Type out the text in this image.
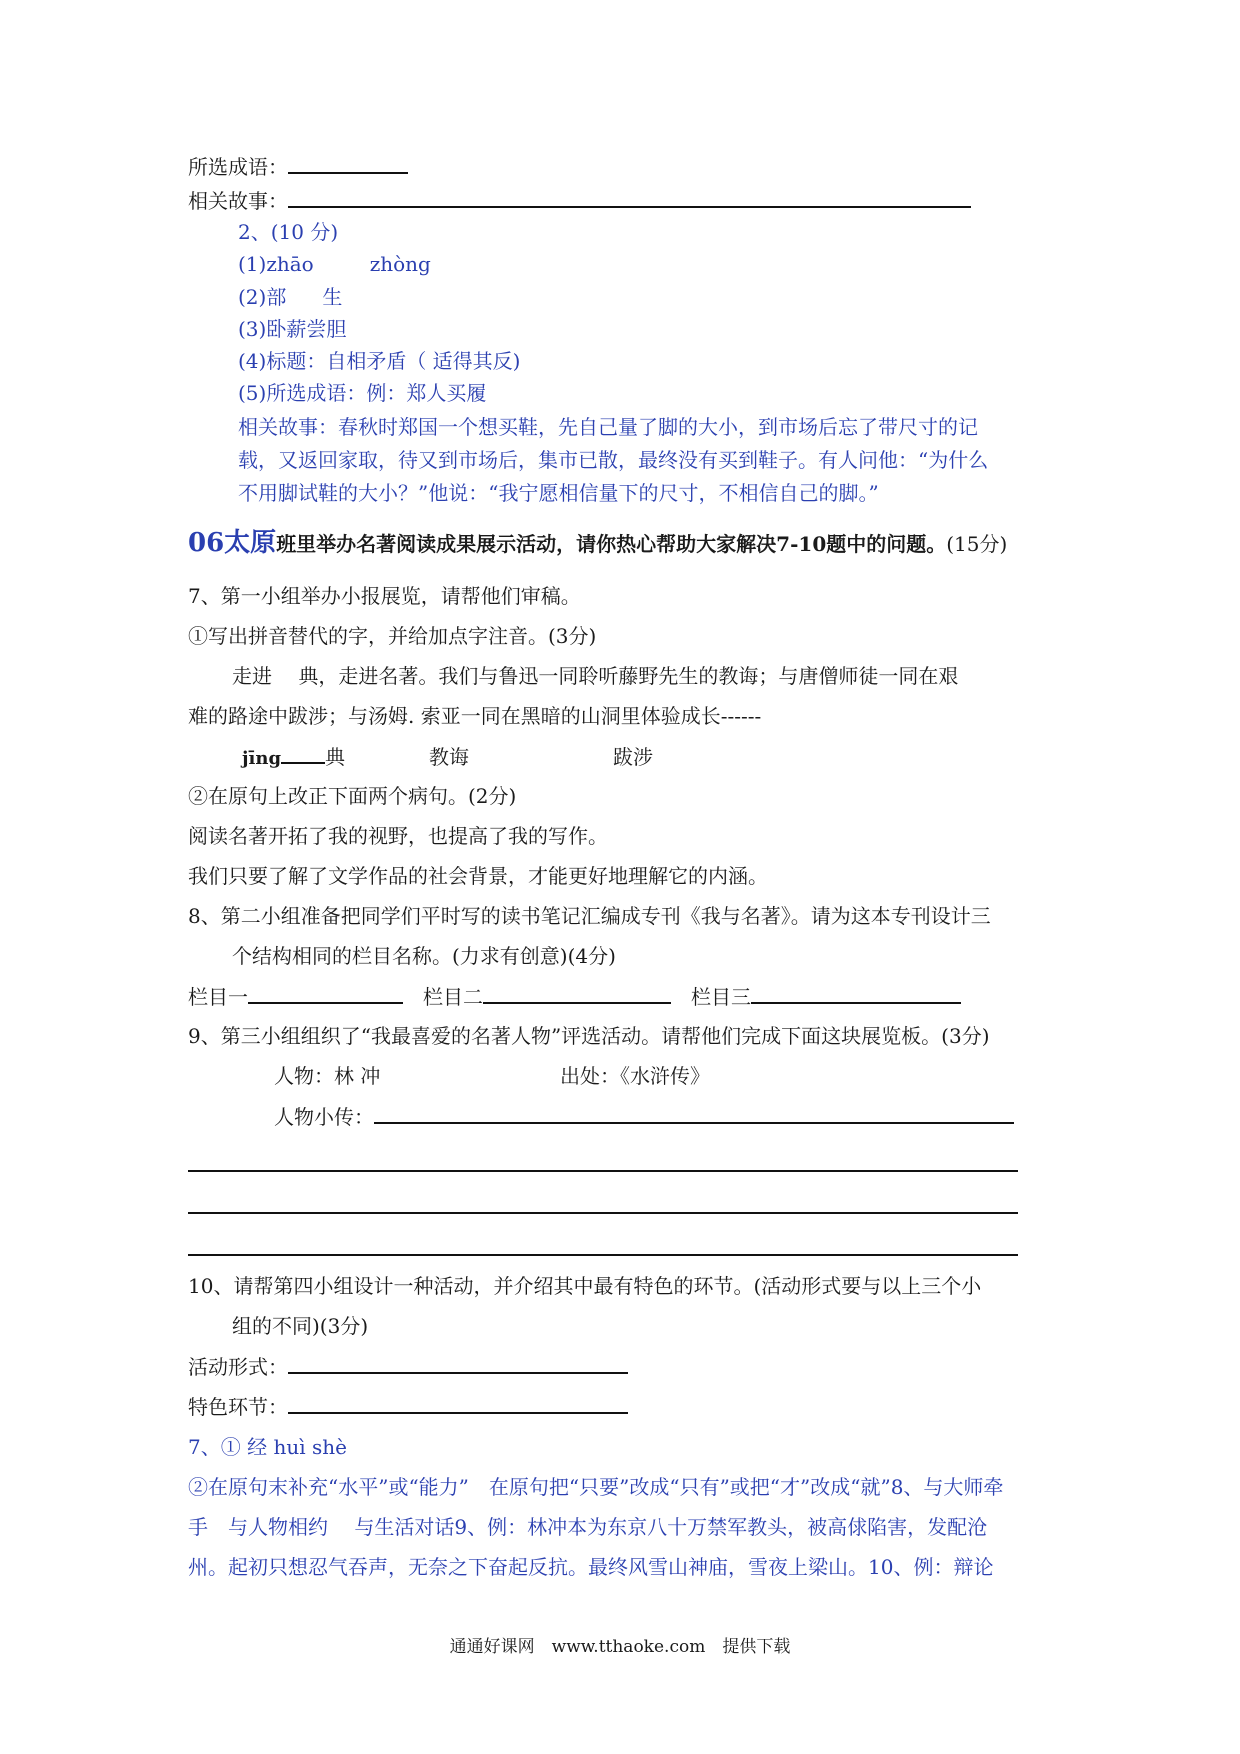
所选成语：
相关故事：
2、(10 分)
(1)zhāo	zhòng
(2)部 生
(3)卧薪尝胆
(4)标题：自相矛盾（ 适得其反)
(5)所选成语：例：郑人买履
相关故事：春秋时郑国一个想买鞋，先自己量了脚的大小，到市场后忘了带尺寸的记
载，又返回家取，待又到市场后，集市已散，最终没有买到鞋子。有人问他：“为什么
不用脚试鞋的大小？”他说：“我宁愿相信量下的尺寸，不相信自己的脚。”
06太原班里举办名著阅读成果展示活动，请你热心帮助大家解决7-10题中的问题。(15分)
7、第一小组举办小报展览，请帮他们审稿。
①写出拼音替代的字，并给加点字注音。(3分)
走进　 典，走进名著。我们与鲁迅一同聆听藤野先生的教诲；与唐僧师徒一同在艰
难的路途中跋涉；与汤姆. 索亚一同在黑暗的山洞里体验成长------
jīng 典	教诲	跋涉
②在原句上改正下面两个病句。(2分)
阅读名著开拓了我的视野，也提高了我的写作。
我们只要了解了文学作品的社会背景，才能更好地理解它的内涵。
8、第二小组准备把同学们平时写的读书笔记汇编成专刊《我与名著》。请为这本专刊设计三
个结构相同的栏目名称。(力求有创意)(4分)
栏目一	栏目二	栏目三
9、第三小组组织了“我最喜爱的名著人物”评选活动。请帮他们完成下面这块展览板。(3分)
人物：林 冲	出处：《水浒传》
人物小传：
10、请帮第四小组设计一种活动，并介绍其中最有特色的环节。(活动形式要与以上三个小
组的不同)(3分)
活动形式：
特色环节：
7、① 经 huì shè
②在原句末补充“水平”或“能力”　在原句把“只要”改成“只有”或把“才”改成“就”8、与大师牵
手　与人物相约　 与生活对话9、例：林冲本为东京八十万禁军教头，被高俅陷害，发配沧
州。起初只想忍气吞声，无奈之下奋起反抗。最终风雪山神庙，雪夜上梁山。10、例：辩论
通通好课网　www.tthaoke.com　提供下载
